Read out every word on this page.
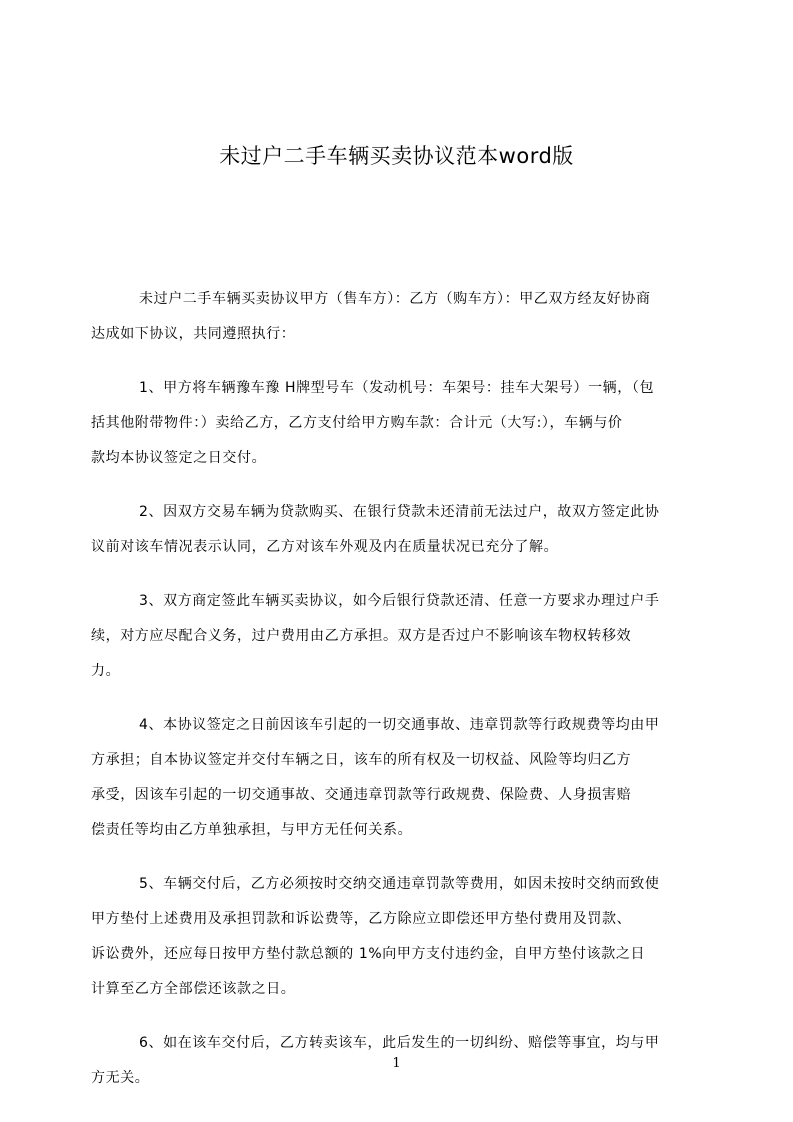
未过户二手车辆买卖协议范本word版

未过户二手车辆买卖协议甲方（售车方）：乙方（购车方）：甲乙双方经友好协商
达成如下协议，共同遵照执行：

1、甲方将车辆豫车豫 H牌型号车（发动机号：车架号：挂车大架号）一辆，（包
括其他附带物件：）卖给乙方，乙方支付给甲方购车款：合计元（大写:），车辆与价
款均本协议签定之日交付。

2、因双方交易车辆为贷款购买、在银行贷款未还清前无法过户，故双方签定此协
议前对该车情况表示认同，乙方对该车外观及内在质量状况已充分了解。

3、双方商定签此车辆买卖协议，如今后银行贷款还清、任意一方要求办理过户手
续，对方应尽配合义务，过户费用由乙方承担。双方是否过户不影响该车物权转移效
力。

4、本协议签定之日前因该车引起的一切交通事故、违章罚款等行政规费等均由甲
方承担；自本协议签定并交付车辆之日，该车的所有权及一切权益、风险等均归乙方
承受，因该车引起的一切交通事故、交通违章罚款等行政规费、保险费、人身损害赔
偿责任等均由乙方单独承担，与甲方无任何关系。

5、车辆交付后，乙方必须按时交纳交通违章罚款等费用，如因未按时交纳而致使
甲方垫付上述费用及承担罚款和诉讼费等，乙方除应立即偿还甲方垫付费用及罚款、
诉讼费外，还应每日按甲方垫付款总额的 1%向甲方支付违约金，自甲方垫付该款之日
计算至乙方全部偿还该款之日。

6、如在该车交付后，乙方转卖该车，此后发生的一切纠纷、赔偿等事宜，均与甲
方无关。

1
